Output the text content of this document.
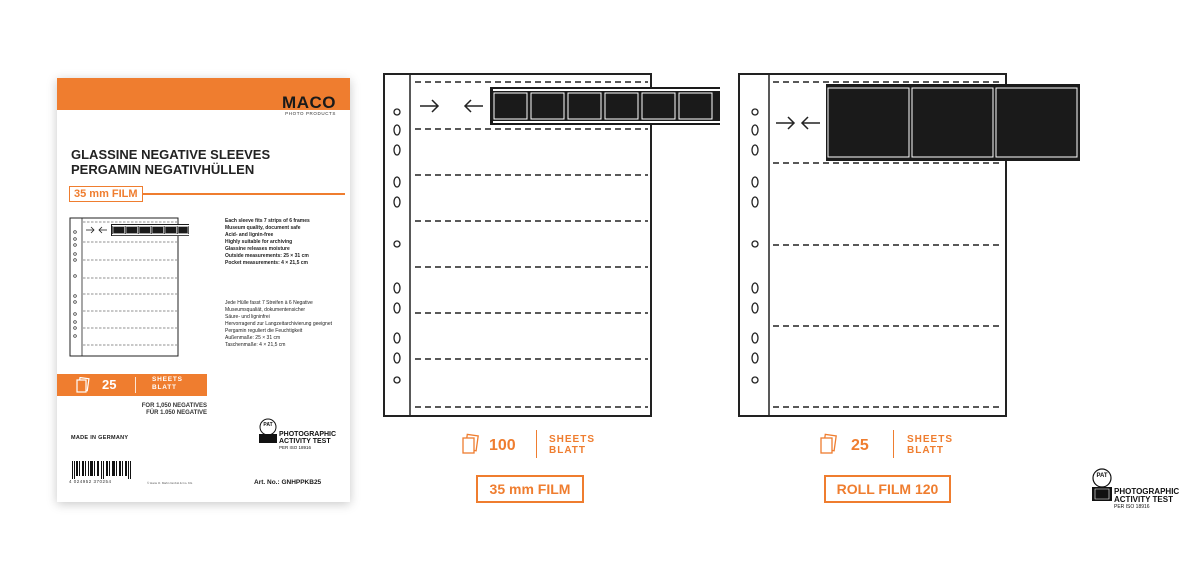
MACO
PHOTO PRODUCTS
GLASSINE NEGATIVE SLEEVES
PERGAMIN NEGATIVHÜLLEN
35 mm FILM
Each sleeve fits 7 strips of 6 frames
Museum quality, document safe
Acid- and lignin-free
Highly suitable for archiving
Glassine releases moisture
Outside measurements: 25 × 31 cm
Pocket measurements: 4 × 21,5 cm
Jede Hülle fasst 7 Streifen à 6 Negative
Museumsqualiät, dokumentensicher
Säure- und ligninfrei
Hervorragend zur Langzeitarchivierung geeignet
Pergamin reguliert die Feuchtigkeit
Außenmaße: 25 × 31 cm
Taschenmaße: 4 × 21,5 cm
25	SHEETS
BLATT
FOR 1,050 NEGATIVES
FÜR 1.050 NEGATIVE
MADE IN GERMANY
4 024952 370254	© Hans O. Mahn GmbH & Co. KG
PAT
PHOTOGRAPHIC
ACTIVITY TEST
PER ISO 18916
Art. No.: GNHPPKB25
100	SHEETS
BLATT
35 mm FILM
25	SHEETS
BLATT
ROLL FILM 120
PAT
PHOTOGRAPHIC
ACTIVITY TEST
PER ISO 18916
